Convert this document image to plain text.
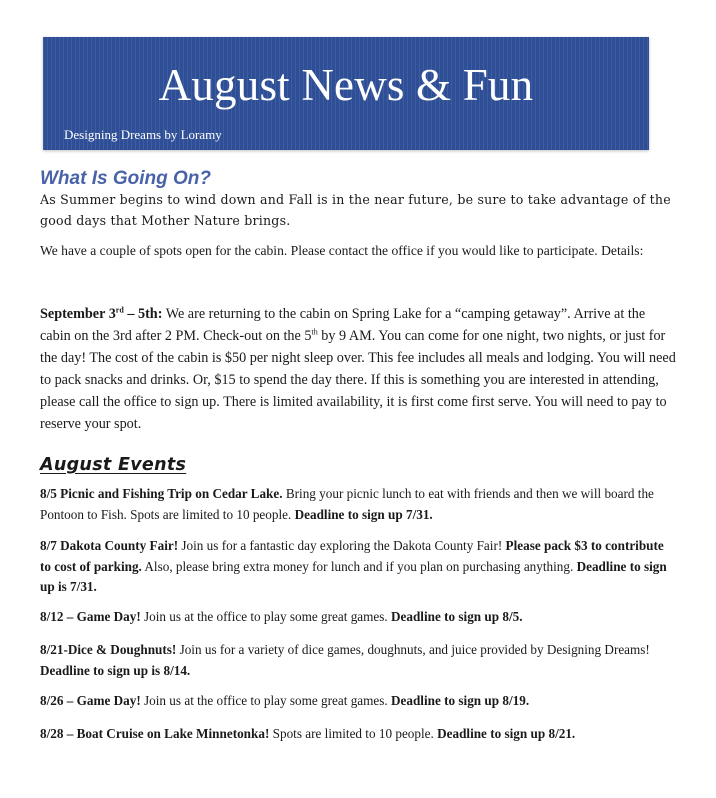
August News & Fun
Designing Dreams by Loramy
What Is Going On?
As Summer begins to wind down and Fall is in the near future, be sure to take advantage of the good days that Mother Nature brings.
We have a couple of spots open for the cabin. Please contact the office if you would like to participate. Details:
September 3rd – 5th: We are returning to the cabin on Spring Lake for a “camping getaway”. Arrive at the cabin on the 3rd after 2 PM. Check-out on the 5th by 9 AM. You can come for one night, two nights, or just for the day! The cost of the cabin is $50 per night sleep over. This fee includes all meals and lodging. You will need to pack snacks and drinks. Or, $15 to spend the day there. If this is something you are interested in attending, please call the office to sign up. There is limited availability, it is first come first serve. You will need to pay to reserve your spot.
August Events
8/5 Picnic and Fishing Trip on Cedar Lake. Bring your picnic lunch to eat with friends and then we will board the Pontoon to Fish. Spots are limited to 10 people. Deadline to sign up 7/31.
8/7 Dakota County Fair! Join us for a fantastic day exploring the Dakota County Fair! Please pack $3 to contribute to cost of parking. Also, please bring extra money for lunch and if you plan on purchasing anything. Deadline to sign up is 7/31.
8/12 – Game Day! Join us at the office to play some great games. Deadline to sign up 8/5.
8/21-Dice & Doughnuts! Join us for a variety of dice games, doughnuts, and juice provided by Designing Dreams! Deadline to sign up is 8/14.
8/26 – Game Day! Join us at the office to play some great games. Deadline to sign up 8/19.
8/28 – Boat Cruise on Lake Minnetonka! Spots are limited to 10 people. Deadline to sign up 8/21.
